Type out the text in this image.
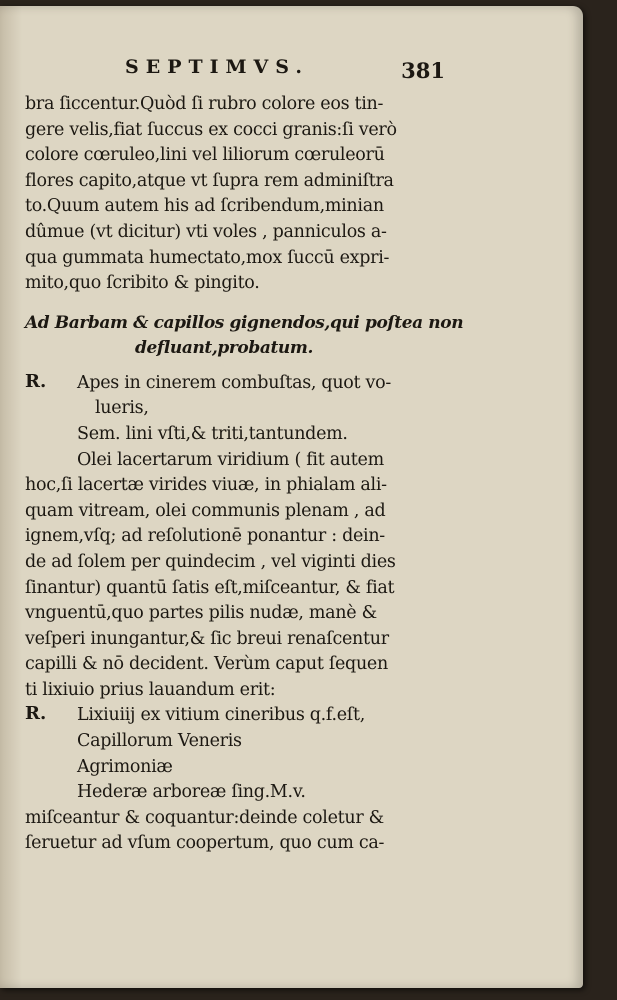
SEPTIMVS.	381
bra ſiccentur.Quòd ſi rubro colore eos tin-
gere velis,fiat ſuccus ex cocci granis:ſi verò
colore cœruleo,lini vel liliorum cœruleorū
flores capito,atque vt ſupra rem adminiſtra
to.Quum autem his ad ſcribendum,minian
dûmue (vt dicitur) vti voles , panniculos a-
qua gummata humectato,mox ſuccū expri-
mito,quo ſcribito & pingito.
Ad Barbam & capillos gignendos,qui poſtea non
defluant,probatum.
R.	Apes in cinerem combuſtas, quot vo-
lueris,
Sem. lini vſti,& triti,tantundem.
Olei lacertarum viridium ( fit autem
hoc,ſi lacertæ virides viuæ, in phialam ali-
quam vitream, olei communis plenam , ad
ignem,vſq; ad reſolutionē ponantur : dein-
de ad ſolem per quindecim , vel viginti dies
ſinantur) quantū ſatis eſt,miſceantur, & fiat
vnguentū,quo partes pilis nudæ, manè &
veſperi inungantur,& ſic breui renaſcentur
capilli & nō decident. Verùm caput ſequen
ti lixiuio prius lauandum erit:
R.	Lixiuiij ex vitium cineribus q.f.eſt,
Capillorum Veneris
Agrimoniæ
Hederæ arboreæ ſing.M.v.
miſceantur & coquantur:deinde coletur &
ſeruetur ad vſum coopertum, quo cum ca-
